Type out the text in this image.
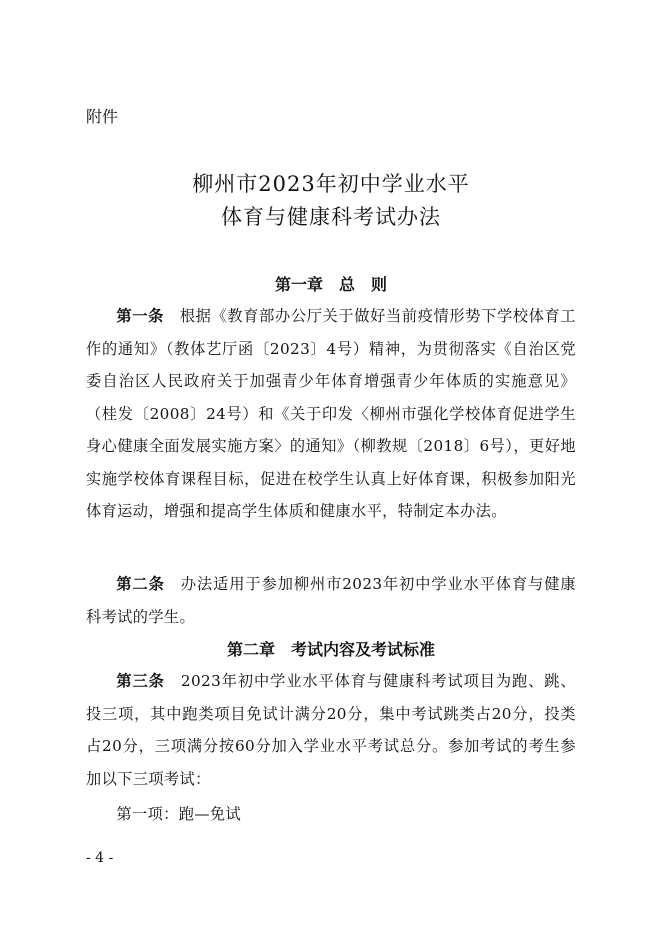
附件
柳州市2023年初中学业水平
体育与健康科考试办法
第一章　总　则
第一条　 根据《教育部办公厅关于做好当前疫情形势下学校体育工作的通知》（教体艺厅函〔2023〕4号）精神，为贯彻落实《自治区党委自治区人民政府关于加强青少年体育增强青少年体质的实施意见》（桂发〔2008〕24号）和《关于印发〈柳州市强化学校体育促进学生身心健康全面发展实施方案〉的通知》（柳教规〔2018〕6号），更好地实施学校体育课程目标，促进在校学生认真上好体育课，积极参加阳光体育运动，增强和提高学生体质和健康水平，特制定本办法。
第二条　 办法适用于参加柳州市2023年初中学业水平体育与健康科考试的学生。
第二章　考试内容及考试标准
第三条　 2023年初中学业水平体育与健康科考试项目为跑、跳、投三项，其中跑类项目免试计满分20分，集中考试跳类占20分，投类占20分，三项满分按60分加入学业水平考试总分。参加考试的考生参加以下三项考试：
第一项：跑—免试
- 4 -
